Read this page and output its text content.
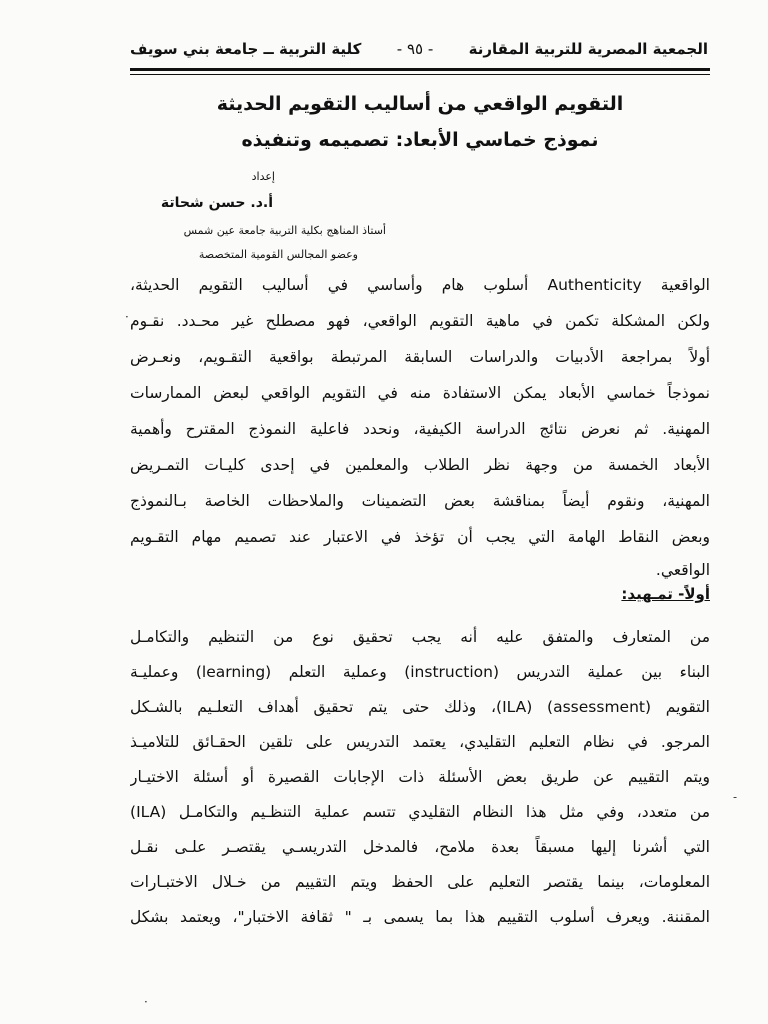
الجمعية المصرية للتربية المقارنة
- ٩٥ -
كلية التربية ــ جامعة بني سويف
التقويم الواقعي من أساليب التقويم الحديثة
نموذج خماسي الأبعاد: تصميمه وتنفيذه
إعداد
أ.د. حسن شحاتة
أستاذ المناهج بكلية التربية جامعة عين شمس
وعضو المجالس القومية المتخصصة
الواقعية Authenticity أسلوب هام وأساسي في أساليب التقويم الحديثة،
ولكن المشكلة تكمن في ماهية التقويم الواقعي، فهو مصطلح غير محـدد. نقـوم
أولاً بمراجعة الأدبيات والدراسات السابقة المرتبطة بواقعية التقـويم، ونعـرض
نموذجاً خماسي الأبعاد يمكن الاستفادة منه في التقويم الواقعي لبعض الممارسات
المهنية. ثم نعرض نتائج الدراسة الكيفية، ونحدد فاعلية النموذج المقترح وأهمية
الأبعاد الخمسة من وجهة نظر الطلاب والمعلمين في إحدى كليـات التمـريض
المهنية، ونقوم أيضاً بمناقشة بعض التضمينات والملاحظات الخاصة بـالنموذج
وبعض النقاط الهامة التي يجب أن تؤخذ في الاعتبار عند تصميم مهام التقـويم
الواقعي.
أولاً- تمـهيد:
من المتعارف والمتفق عليه أنه يجب تحقيق نوع من التنظيم والتكامـل
البناء بين عملية التدريس (instruction) وعملية التعلم (learning) وعمليـة
التقويم (assessment) (ILA)، وذلك حتى يتم تحقيق أهداف التعلـيم بالشـكل
المرجو. في نظام التعليم التقليدي، يعتمد التدريس على تلقين الحقـائق للتلاميـذ
ويتم التقييم عن طريق بعض الأسئلة ذات الإجابات القصيرة أو أسئلة الاختيـار
من متعدد، وفي مثل هذا النظام التقليدي تتسم عملية التنظـيم والتكامـل (ILA)
التي أشرنا إليها مسبقاً بعدة ملامح، فالمدخل التدريسـي يقتصـر علـى نقـل
المعلومات، بينما يقتصر التعليم على الحفظ ويتم التقييم من خـلال الاختبـارات
المقننة. ويعرف أسلوب التقييم هذا بما يسمى بـ " ثقافة الاختبار"، ويعتمد بشكل
·
-
·
